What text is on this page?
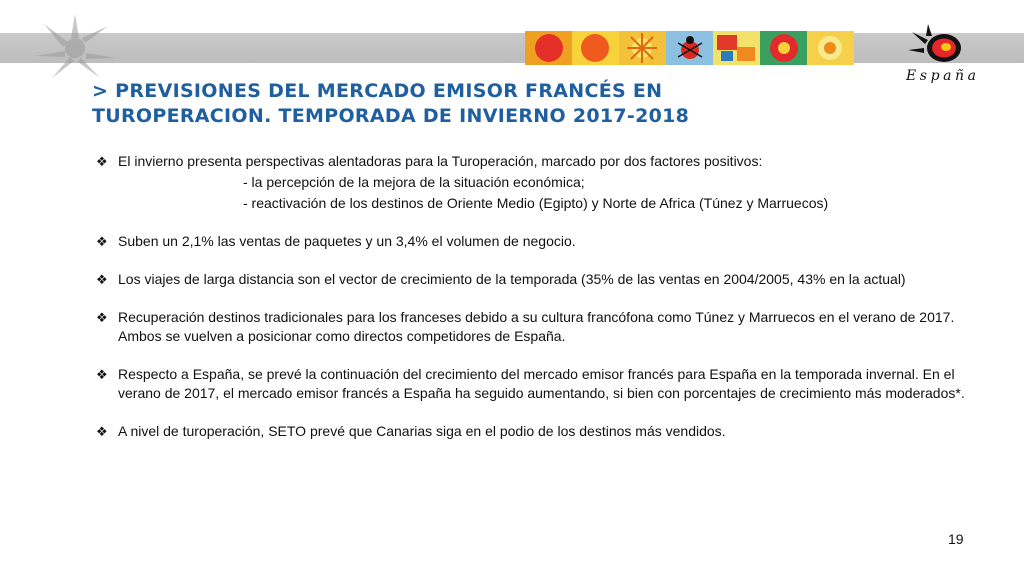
España
> PREVISIONES DEL MERCADO EMISOR FRANCÉS EN
TUROPERACION. TEMPORADA DE INVIERNO 2017-2018
❖ El invierno presenta perspectivas alentadoras para la Turoperación, marcado por dos factores positivos:
- la percepción de la mejora de la situación económica;
- reactivación de los destinos de Oriente Medio (Egipto) y Norte de Africa (Túnez y Marruecos)
❖ Suben un 2,1% las ventas de paquetes y un 3,4% el volumen de negocio.
❖ Los viajes de larga distancia son el vector de crecimiento de la temporada (35% de las ventas en 2004/2005, 43% en la actual)
❖ Recuperación destinos tradicionales para los franceses debido a su cultura francófona como Túnez y Marruecos en el verano de 2017. Ambos se vuelven a posicionar como directos competidores de España.
❖ Respecto a España, se prevé la continuación del crecimiento del mercado emisor francés para España en la temporada invernal. En el verano de 2017, el mercado emisor francés a España ha seguido aumentando, si bien con porcentajes de crecimiento más moderados*.
❖ A nivel de turoperación, SETO prevé que Canarias siga en el podio de los destinos más vendidos.
19
